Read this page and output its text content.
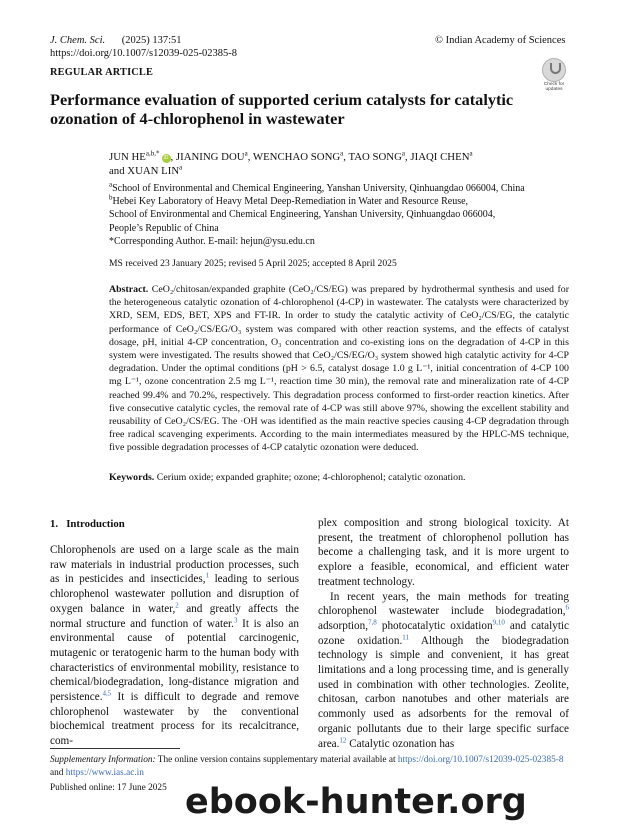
J. Chem. Sci. (2025) 137:51
https://doi.org/10.1007/s12039-025-02385-8
© Indian Academy of Sciences
REGULAR ARTICLE
Check for
updates
Performance evaluation of supported cerium catalysts for catalytic ozonation of 4-chlorophenol in wastewater
JUN $HE^{a,b,*}iD$ , JIANING DOU$^a$, WENCHAO SONG$^a$, TAO SONG$^a$, JIAQI CHEN$^a$
and XUAN LIN$^a$
$^a$School of Environmental and Chemical Engineering, Yanshan University, Qinhuangdao 066004, China
$^b$Hebei Key Laboratory of Heavy Metal Deep-Remediation in Water and Resource Reuse,
School of Environmental and Chemical Engineering, Yanshan University, Qinhuangdao 066004,
People’s Republic of China
*Corresponding Author. E-mail: hejun@ysu.edu.cn
MS received 23 January 2025; revised 5 April 2025; accepted 8 April 2025
Abstract. CeO₂/chitosan/expanded graphite (CeO₂/CS/EG) was prepared by hydrothermal synthesis and used for the heterogeneous catalytic ozonation of 4-chlorophenol (4-CP) in wastewater. The catalysts were characterized by XRD, SEM, EDS, BET, XPS and FT-IR. In order to study the catalytic activity of CeO₂/CS/EG, the catalytic performance of CeO₂/CS/EG/O₃ system was compared with other reaction systems, and the effects of catalyst dosage, pH, initial 4-CP concentration, O₃ concentration and co-existing ions on the degradation of 4-CP in this system were investigated. The results showed that CeO₂/CS/EG/O₃ system showed high catalytic activity for 4-CP degradation. Under the optimal conditions (pH > 6.5, catalyst dosage 1.0 g L⁻¹, initial concentration of 4-CP 100 mg L⁻¹, ozone concentration 2.5 mg L⁻¹, reaction time 30 min), the removal rate and mineralization rate of 4-CP reached 99.4% and 70.2%, respectively. This degradation process conformed to first-order reaction kinetics. After five consecutive catalytic cycles, the removal rate of 4-CP was still above 97%, showing the excellent stability and reusability of CeO₂/CS/EG. The ·OH was identified as the main reactive species causing 4-CP degradation through free radical scavenging experiments. According to the main intermediates measured by the HPLC-MS technique, five possible degradation processes of 4-CP catalytic ozonation were deduced.
Keywords. Cerium oxide; expanded graphite; ozone; 4-chlorophenol; catalytic ozonation.
1.   Introduction

Chlorophenols are used on a large scale as the main raw materials in industrial production processes, such as in pesticides and insecticides,$^1$ leading to serious chlorophenol wastewater pollution and disruption of oxygen balance in water,$^2$ and greatly affects the normal structure and function of water.$^3$ It is also an environmental cause of potential carcinogenic, mutagenic or teratogenic harm to the human body with characteristics of environmental mobility, resistance to chemical/biodegradation, long-distance migration and persistence.$^{4,5}$ It is difficult to degrade and remove chlorophenol wastewater by the conventional biochemical treatment process for its recalcitrance, com-

plex composition and strong biological toxicity. At present, the treatment of chlorophenol pollution has become a challenging task, and it is more urgent to explore a feasible, economical, and efficient water treatment technology.

In recent years, the main methods for treating chlorophenol wastewater include biodegradation,$^6$ adsorption,$^{7,8}$ photocatalytic oxidation$^{9,10}$ and catalytic ozone oxidation.$^{11}$ Although the biodegradation technology is simple and convenient, it has great limitations and a long processing time, and is generally used in combination with other technologies. Zeolite, chitosan, carbon nanotubes and other materials are commonly used as adsorbents for the removal of organic pollutants due to their large specific surface area.$^{12}$ Catalytic ozonation has

Supplementary Information: The online version contains supplementary material available at https://doi.org/10.1007/s12039-025-02385-8
and https://www.ias.ac.in
Published online: 17 June 2025 ebook-hunter.org
